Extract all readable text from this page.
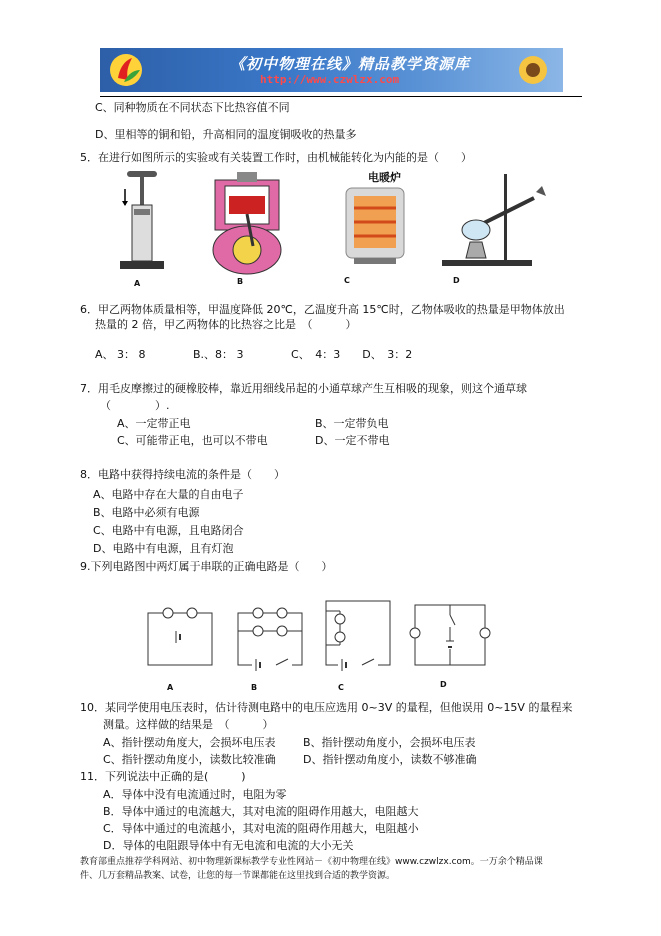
《初中物理在线》精品教学资源库
http://www.czwlzx.com
C、同种物质在不同状态下比热容值不同
D、里相等的铜和铅，升高相同的温度铜吸收的热量多
5．在进行如图所示的实验或有关装置工作时，由机械能转化为内能的是（　　）
A	B
电暖炉
C	D
6．甲乙两物体质量相等，甲温度降低 20℃，乙温度升高 15℃时，乙物体吸收的热量是甲物体放出
热量的 2 倍，甲乙两物体的比热容之比是　（　　　）
A、 3： 8　　　　 B.、8： 3　　　　 C、　4：3　　D、　3：2
7．用毛皮摩擦过的硬橡胶棒，靠近用细线吊起的小通草球产生互相吸的现象，则这个通草球
（　　　　）.
A、一定带正电	B、一定带负电
C、可能带正电，也可以不带电	D、一定不带电
8．电路中获得持续电流的条件是（　　）
A、电路中存在大量的自由电子
B、电路中必须有电源
C、电路中有电源，且电路闭合
D、电路中有电源，且有灯泡
9.下列电路图中两灯属于串联的正确电路是（　　）
A	B	C	D
10．某同学使用电压表时，估计待测电路中的电压应选用 0~3V 的量程，但他误用 0~15V 的量程来
测量。这样做的结果是　（　　　）
A、指针摆动角度大，会损坏电压表 B、指针摆动角度小，会损坏电压表
C、指针摆动角度小，读数比较准确 D、指针摆动角度小，读数不够准确
11．下列说法中正确的是(　　　)
A．导体中没有电流通过时，电阻为零
B．导体中通过的电流越大，其对电流的阻碍作用越大，电阻越大
C．导体中通过的电流越小，其对电流的阻碍作用越大，电阻越小
D．导体的电阻跟导体中有无电流和电流的大小无关
教育部重点推荐学科网站、初中物理新课标教学专业性网站－《初中物理在线》www.czwlzx.com。一万余个精品课
件、几万套精品教案、试卷，让您的每一节课都能在这里找到合适的教学资源。
